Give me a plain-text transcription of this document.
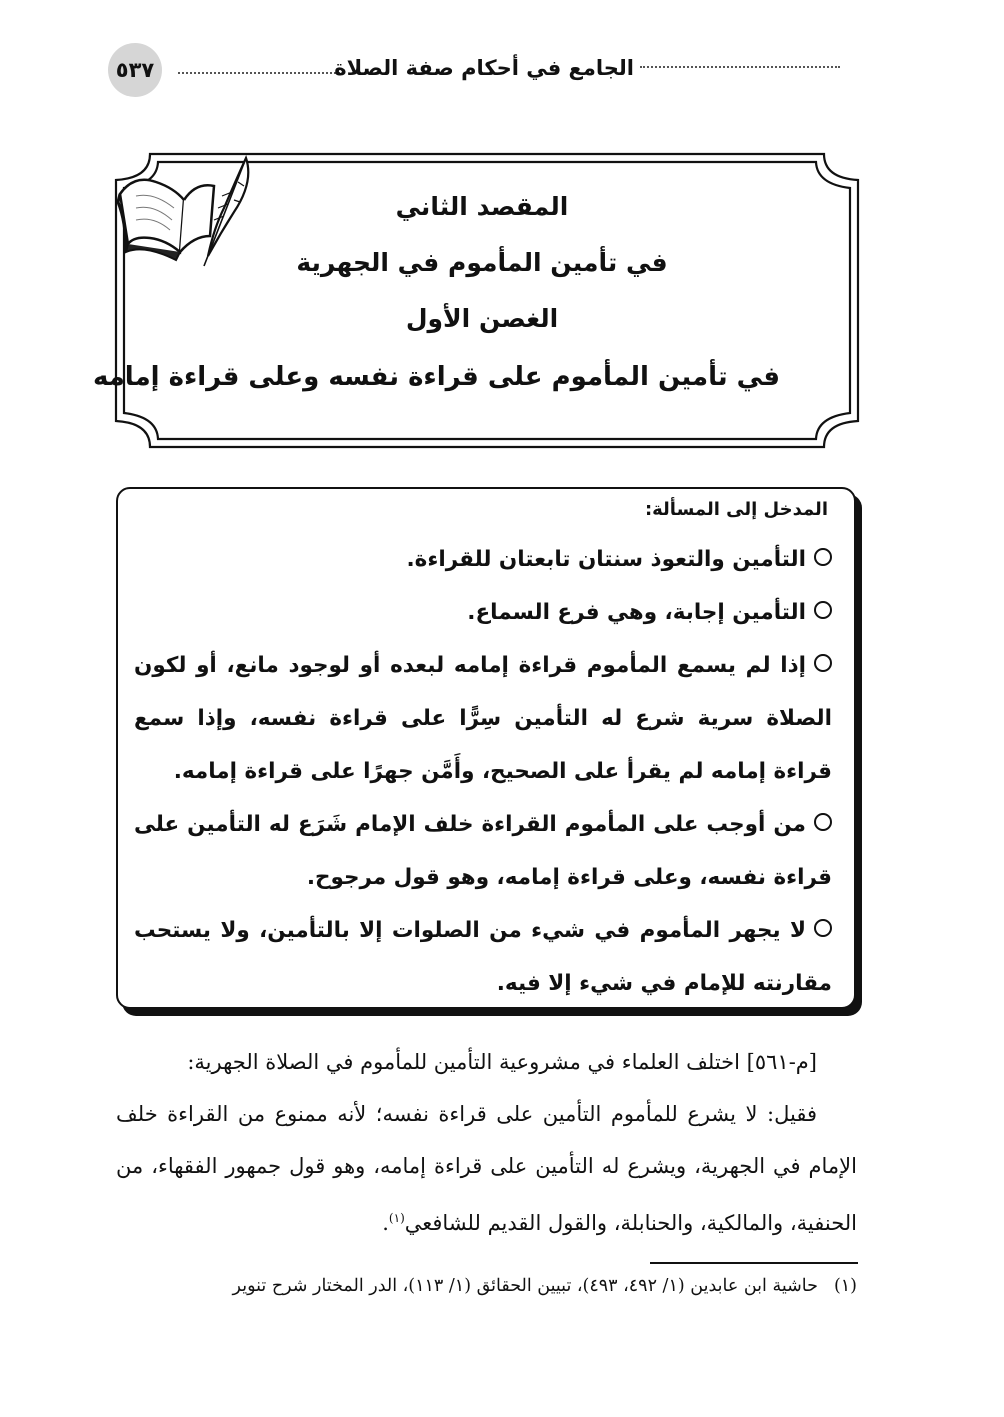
٥٣٧	الجامع في أحكام صفة الصلاة
المقصد الثاني
في تأمين المأموم في الجهرية
الغصن الأول
في تأمين المأموم على قراءة نفسه وعلى قراءة إمامه
المدخل إلى المسألة:

التأمين والتعوذ سنتان تابعتان للقراءة.

التأمين إجابة، وهي فرع السماع.

إذا لم يسمع المأموم قراءة إمامه لبعده أو لوجود مانع، أو لكون الصلاة سرية شرع له التأمين سِرًّا على قراءة نفسه، وإذا سمع قراءة إمامه لم يقرأ على الصحيح، وأَمَّن جهرًا على قراءة إمامه.

من أوجب على المأموم القراءة خلف الإمام شَرَع له التأمين على قراءة نفسه، وعلى قراءة إمامه، وهو قول مرجوح.

لا يجهر المأموم في شيء من الصلوات إلا بالتأمين، ولا يستحب مقارنته للإمام في شيء إلا فيه.

[م-٥٦١] اختلف العلماء في مشروعية التأمين للمأموم في الصلاة الجهرية:

فقيل: لا يشرع للمأموم التأمين على قراءة نفسه؛ لأنه ممنوع من القراءة خلف الإمام في الجهرية، ويشرع له التأمين على قراءة إمامه، وهو قول جمهور الفقهاء، من الحنفية، والمالكية، والحنابلة، والقول القديم للشافعي$^{(١)}$.

(١)حاشية ابن عابدين (١/ ٤٩٢، ٤٩٣)، تبيين الحقائق (١/ ١١٣)، الدر المختار شرح تنوير
